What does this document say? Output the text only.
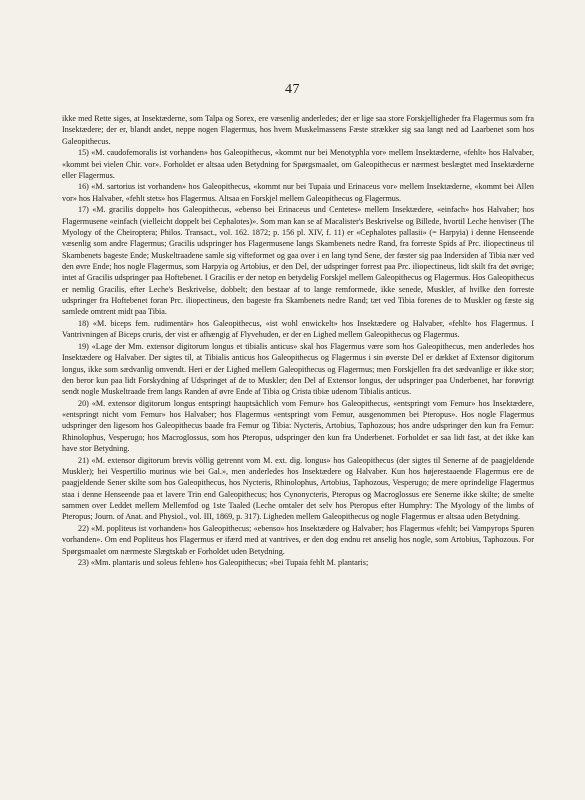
47

ikke med Rette siges, at Insektæderne, som Talpa og Sorex, ere væsenlig anderledes; der er lige saa store Forskjelligheder fra Flagermus som fra Insektædere; der er, blandt andet, neppe nogen Flagermus, hos hvem Muskelmassens Fæste strækker sig saa langt ned ad Laarbenet som hos Galeopithecus.

15) «M. caudofemoralis ist vorhanden» hos Galeopithecus, «kommt nur bei Menotyphla vor» mellem Insektæderne, «fehlt» hos Halvaber, «kommt bei vielen Chir. vor». Forholdet er altsaa uden Betydning for Spørgsmaalet, om Galeopithecus er nærmest beslægtet med Insektæderne eller Flagermus.

16) «M. sartorius ist vorhanden» hos Galeopithecus, «kommt nur bei Tupaia und Erinaceus vor» mellem Insektæderne, «kommt bei Allen vor» hos Halvaber, «fehlt stets» hos Flagermus. Altsaa en Forskjel mellem Galeopithecus og Flagermus.

17) «M. gracilis doppelt» hos Galeopithecus, «ebenso bei Erinaceus und Centetes» mellem Insektædere, «einfach» hos Halvaber; hos Flagermusene «einfach (vielleicht doppelt bei Cephalotes)». Som man kan se af Macalister's Beskrivelse og Billede, hvortil Leche henviser (The Myology of the Cheiroptera; Philos. Transact., vol. 162. 1872; p. 156 pl. XIV, f. 11) er «Cephalotes pallasii» (= Harpyia) i denne Henseende væsenlig som andre Flagermus; Gracilis udspringer hos Flagermusene langs Skambenets nedre Rand, fra forreste Spids af Prc. iliopectineus til Skambenets bageste Ende; Muskeltraadene samle sig vifteformet og gaa over i en lang tynd Sene, der fæster sig paa Indersiden af Tibia nær ved den øvre Ende; hos nogle Flagermus, som Harpyia og Artobius, er den Del, der udspringer forrest paa Prc. iliopectineus, lidt skilt fra det øvrige; intet af Gracilis udspringer paa Hoftebenet. I Gracilis er der netop en betydelig Forskjel mellem Galeopithecus og Flagermus. Hos Galeopithecus er nemlig Gracilis, efter Leche's Beskrivelse, dobbelt; den bestaar af to lange remformede, ikke senede, Muskler, af hvilke den forreste udspringer fra Hoftebenet foran Prc. iliopectineus, den bageste fra Skambenets nedre Rand; tæt ved Tibia forenes de to Muskler og fæste sig samlede omtrent midt paa Tibia.

18) «M. biceps fem. rudimentär» hos Galeopithecus, «ist wohl enwickelt» hos Insektædere og Halvaber, «fehlt» hos Flagermus. I Vantrivningen af Biceps cruris, der vist er afhængig af Flyvehuden, er der en Lighed mellem Galeopithecus og Flagermus.

19) «Lage der Mm. extensor digitorum longus et tibialis anticus» skal hos Flagermus være som hos Galeopithecus, men anderledes hos Insektædere og Halvaber. Der sigtes til, at Tibialis anticus hos Galeopithecus og Flagermus i sin øverste Del er dækket af Extensor digitorum longus, ikke som sædvanlig omvendt. Heri er der Lighed mellem Galeopithecus og Flagermus; men Forskjellen fra det sædvanlige er ikke stor; den beror kun paa lidt Forskydning af Udspringet af de to Muskler; den Del af Extensor longus, der udspringer paa Underbenet, har forøvrigt sendt nogle Muskeltraade frem langs Randen af øvre Ende af Tibia og Crista tibiæ udenom Tibialis anticus.

20) «M. extensor digitorum longus entspringt hauptsächlich vom Femur» hos Galeopithecus, «entspringt vom Femur» hos Insektædere, «entspringt nicht vom Femur» hos Halvaber; hos Flagermus «entspringt vom Femur, ausgenommen bei Pteropus». Hos nogle Flagermus udspringer den ligesom hos Galeopithecus baade fra Femur og Tibia: Nycteris, Artobius, Taphozous; hos andre udspringer den kun fra Femur: Rhinolophus, Vesperugo; hos Macroglossus, som hos Pteropus, udspringer den kun fra Underbenet. Forholdet er saa lidt fast, at det ikke kan have stor Betydning.

21) «M. extensor digitorum brevis völlig getrennt vom M. ext. dig. longus» hos Galeopithecus (der sigtes til Senerne af de paagjeldende Muskler); bei Vespertilio murinus wie bei Gal.», men anderledes hos Insektædere og Halvaber. Kun hos højerestaaende Flagermus ere de paagjeldende Sener skilte som hos Galeopithecus, hos Nycteris, Rhinolophus, Artobius, Taphozous, Vesperugo; de mere oprindelige Flagermus staa i denne Henseende paa et lavere Trin end Galeopithecus; hos Cynonycteris, Pteropus og Macroglossus ere Senerne ikke skilte; de smelte sammen over Leddet mellem Mellemfod og 1ste Taaled (Leche omtaler det selv hos Pteropus efter Humphry: The Myology of the limbs of Pteropus; Journ. of Anat. and Physiol., vol. III, 1869, p. 317). Ligheden mellem Galeopithecus og nogle Flagermus er altsaa uden Betydning.

22) «M. popliteus ist vorhanden» hos Galeopithecus; «ebenso» hos Insektædere og Halvaber; hos Flagermus «fehlt; bei Vampyrops Spuren vorhanden». Om end Popliteus hos Flagermus er ifærd med at vantrives, er den dog endnu ret anselig hos nogle, som Artobius, Taphozous. For Spørgsmaalet om nærmeste Slægtskab er Forholdet uden Betydning.

23) «Mm. plantaris und soleus fehlen» hos Galeopithecus; «bei Tupaia fehlt M. plantaris;
